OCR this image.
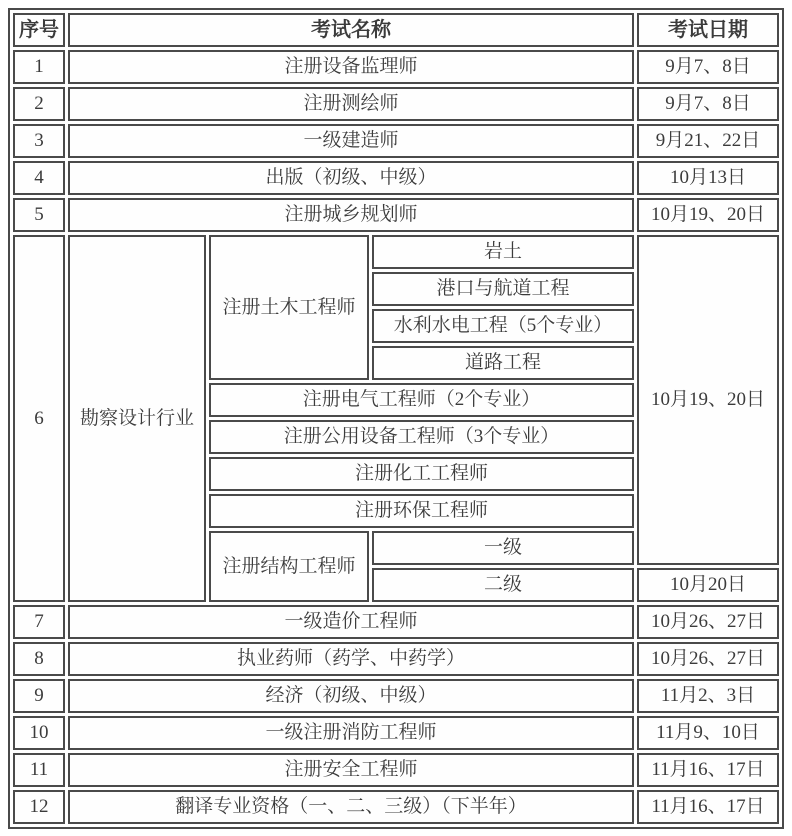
序号	考试名称			考试日期
1	注册设备监理师			9月7、8日
2	注册测绘师			9月7、8日
3	一级建造师			9月21、22日
4	出版（初级、中级）			10月13日
5	注册城乡规划师			10月19、20日
6	勘察设计行业	注册土木工程师	岩土	10月19、20日
			港口与航道工程	
			水利水电工程（5个专业）	
			道路工程	
		注册电气工程师（2个专业）		
		注册公用设备工程师（3个专业）		
		注册化工工程师		
		注册环保工程师		
		注册结构工程师	一级	
			二级	10月20日
7	一级造价工程师			10月26、27日
8	执业药师（药学、中药学）			10月26、27日
9	经济（初级、中级）			11月2、3日
10	一级注册消防工程师			11月9、10日
11	注册安全工程师			11月16、17日
12	翻译专业资格（一、二、三级）（下半年）			11月16、17日
